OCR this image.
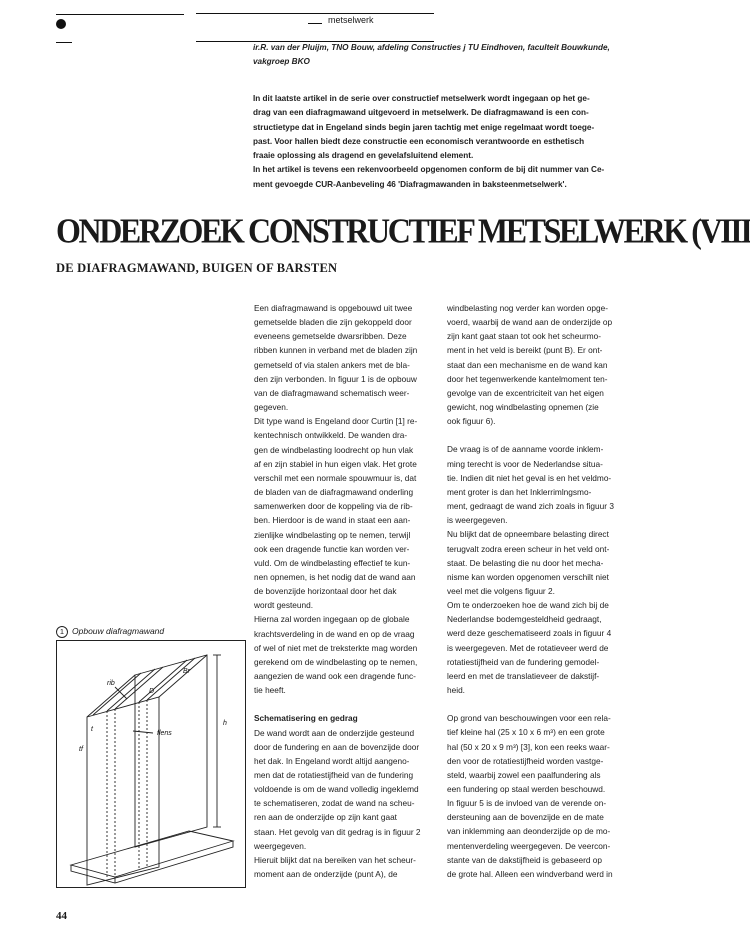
metselwerk

ir.R. van der Pluijm, TNO Bouw, afdeling Constructies j TU Eindhoven, faculteit Bouwkunde, vakgroep BKO

In dit laatste artikel in de serie over constructief metselwerk wordt ingegaan op het ge-

drag van een diafragmawand uitgevoerd in metselwerk. De diafragmawand is een con-

structietype dat in Engeland sinds begin jaren tachtig met enige regelmaat wordt toege-

past. Voor hallen biedt deze constructie een economisch verantwoorde en esthetisch

fraaie oplossing als dragend en gevelafsluitend element.

In het artikel is tevens een rekenvoorbeeld opgenomen conform de bij dit nummer van Ce-

ment gevoegde CUR-Aanbeveling 46 'Diafragmawanden in baksteenmetselwerk'.

ONDERZOEK CONSTRUCTIEF METSELWERK (VIII
DE DIAFRAGMAWAND, BUIGEN OF BARSTEN

Een diafragmawand is opgebouwd uit twee

gemetselde bladen die zijn gekoppeld door

eveneens gemetselde dwarsribben. Deze

ribben kunnen in verband met de bladen zijn

gemetseld of via stalen ankers met de bla-

den zijn verbonden. In figuur 1 is de opbouw

van de diafragmawand schematisch weer-

gegeven.

Dit type wand is Engeland door Curtin [1] re-

kentechnisch ontwikkeld. De wanden dra-

gen de windbelasting loodrecht op hun vlak

af en zijn stabiel in hun eigen vlak. Het grote

verschil met een normale spouwmuur is, dat

de bladen van de diafragmawand onderling

samenwerken door de koppeling via de rib-

ben. Hierdoor is de wand in staat een aan-

zienlijke windbelasting op te nemen, terwijl

ook een dragende functie kan worden ver-

vuld. Om de windbelasting effectief te kun-

nen opnemen, is het nodig dat de wand aan

de bovenzijde horizontaal door het dak

wordt gesteund.

Hierna zal worden ingegaan op de globale

krachtsverdeling in de wand en op de vraag

of wel of niet met de treksterkte mag worden

gerekend om de windbelasting op te nemen,

aangezien de wand ook een dragende func-

tie heeft.

Schematisering en gedrag

De wand wordt aan de onderzijde gesteund

door de fundering en aan de bovenzijde door

het dak. In Engeland wordt altijd aangeno-

men dat de rotatiestijfheid van de fundering

voldoende is om de wand volledig ingeklemd

te schematiseren, zodat de wand na scheu-

ren aan de onderzijde op zijn kant gaat

staan. Het gevolg van dit gedrag is in figuur 2

weergegeven.

Hieruit blijkt dat na bereiken van het scheur-

moment aan de onderzijde (punt A), de

windbelasting nog verder kan worden opge-

voerd, waarbij de wand aan de onderzijde op

zijn kant gaat staan tot ook het scheurmo-

ment in het veld is bereikt (punt B). Er ont-

staat dan een mechanisme en de wand kan

door het tegenwerkende kantelmoment ten-

gevolge van de excentriciteit van het eigen

gewicht, nog windbelasting opnemen (zie

ook figuur 6).

De vraag is of de aanname voorde inklem-

ming terecht is voor de Nederlandse situa-

tie. Indien dit niet het geval is en het veldmo-

ment groter is dan het Inklerrimlngsmo-

ment, gedraagt de wand zich zoals in figuur 3

is weergegeven.

Nu blijkt dat de opneembare belasting direct

terugvalt zodra ereen scheur in het veld ont-

staat. De belasting die nu door het mecha-

nisme kan worden opgenomen verschilt niet

veel met die volgens figuur 2.

Om te onderzoeken hoe de wand zich bij de

Nederlandse bodemgesteldheid gedraagt,

werd deze geschematiseerd zoals in figuur 4

is weergegeven. Met de rotatieveer werd de

rotatiestijfheid van de fundering gemodel-

leerd en met de translatieveer de dakstijf-

heid.

Op grond van beschouwingen voor een rela-

tief kleine hal (25 x 10 x 6 m³) en een grote

hal (50 x 20 x 9 m³) [3], kon een reeks waar-

den voor de rotatiestijfheid worden vastge-

steld, waarbij zowel een paalfundering als

een fundering op staal werden beschouwd.

In figuur 5 is de invloed van de verende on-

dersteuning aan de bovenzijde en de mate

van inklemming aan deonderzijde op de mo-

mentenverdeling weergegeven. De veercon-

stante van de dakstijfheid is gebaseerd op

de grote hal. Alleen een windverband werd in

1 Opbouw diafragmawand
rib
D
Br
flens
h
t
tf
44
